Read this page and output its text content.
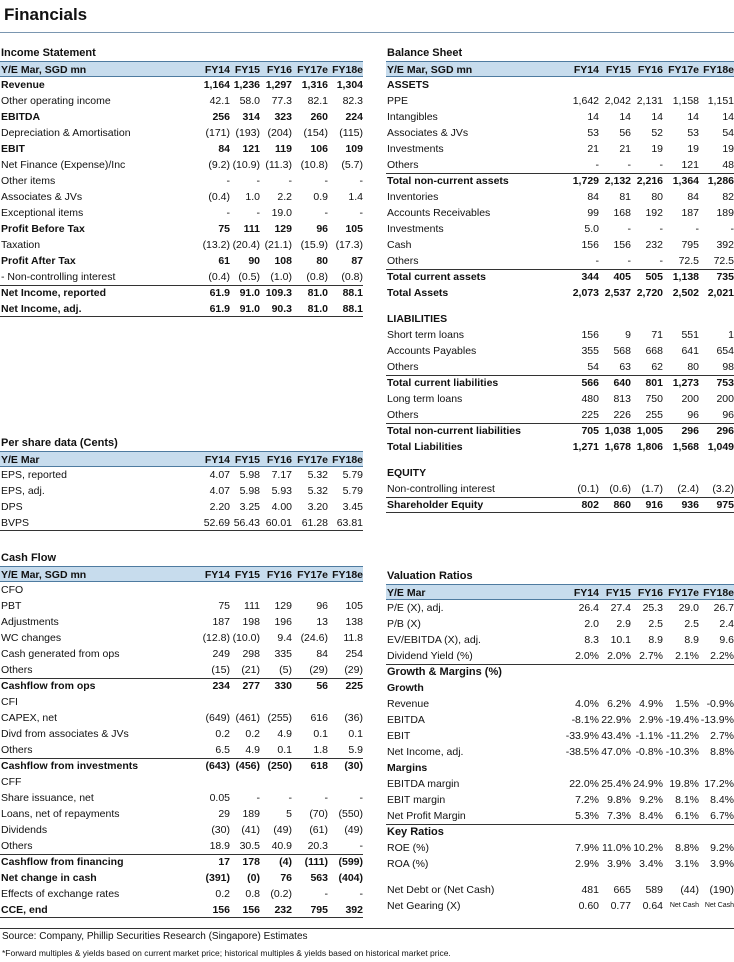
Financials
Income Statement
Y/E Mar, SGD mn	FY14 FY15 FY16 FY17e FY18e
Revenue	1,164 1,236 1,297 1,316 1,304
Other operating income	42.1 58.0	77.3	82.1	82.3
EBITDA	256	314	323	260	224
Depreciation & Amortisation	(171) (193) (204)	(154)	(115)
EBIT	84	121	119	106	109
Net Finance (Expense)/Inc	(9.2) (10.9) (11.3) (10.8)	(5.7)
Other items	-	-	-	-	-
Associates & JVs	(0.4)	1.0	2.2	0.9	1.4
Exceptional items	-	-	19.0	-	-
Profit Before Tax	75	111	129	96	105
Taxation	(13.2) (20.4) (21.1) (15.9) (17.3)
Profit After Tax	61	90	108	80	87
- Non-controlling interest	(0.4) (0.5) (1.0)	(0.8)	(0.8)
Net Income, reported	61.9 91.0 109.3	81.0	88.1
Net Income, adj.	61.9 91.0	90.3	81.0	88.1
Per share data (Cents)
Y/E Mar	FY14 FY15 FY16 FY17e FY18e
EPS, reported	4.07 5.98	7.17	5.32	5.79
EPS, adj.	4.07 5.98	5.93	5.32	5.79
DPS	2.20 3.25	4.00	3.20	3.45
BVPS	52.69 56.43 60.01 61.28 63.81
Cash Flow
Y/E Mar, SGD mn	FY14 FY15 FY16 FY17e FY18e
CFO
PBT	75	111	129	96	105
Adjustments	187	198	196	13	138
WC changes	(12.8) (10.0)	9.4 (24.6)	11.8
Cash generated from ops	249	298	335	84	254
Others	(15)	(21)	(5)	(29)	(29)
Cashflow from ops	234	277	330	56	225
CFI
CAPEX, net	(649) (461) (255)	616	(36)
Divd from associates & JVs	0.2	0.2	4.9	0.1	0.1
Others	6.5	4.9	0.1	1.8	5.9
Cashflow from investments	(643) (456) (250)	618	(30)
CFF
Share issuance, net	0.05	-	-	-	-
Loans, net of repayments	29	189	5	(70) (550)
Dividends	(30)	(41)	(49)	(61)	(49)
Others	18.9 30.5	40.9	20.3	-
Cashflow from financing	17	178	(4)	(111) (599)
Net change in cash	(391)	(0)	76	563 (404)
Effects of exchange rates	0.2	0.8 (0.2)	-	-
CCE, end	156	156	232	795	392
Balance Sheet
Y/E Mar, SGD mn	FY14 FY15 FY16 FY17e FY18e
ASSETS
PPE	1,642 2,042 2,131 1,158 1,151
Intangibles	14	14	14	14	14
Associates & JVs	53	56	52	53	54
Investments	21	21	19	19	19
Others	-	-	-	121	48
Total non-current assets	1,729 2,132 2,216 1,364 1,286
Inventories	84	81	80	84	82
Accounts Receivables	99	168	192	187	189
Investments	5.0	-	-	-	-
Cash	156	156	232	795	392
Others	-	-	-	72.5	72.5
Total current assets	344	405	505 1,138	735
Total Assets	2,073 2,537 2,720 2,502 2,021
LIABILITIES
Short term loans	156	9	71	551	1
Accounts Payables	355	568	668	641	654
Others	54	63	62	80	98
Total current liabilities	566	640	801 1,273	753
Long term loans	480	813	750	200	200
Others	225	226	255	96	96
Total non-current liabilities	705 1,038 1,005	296	296
Total Liabilities	1,271 1,678 1,806 1,568 1,049
EQUITY
Non-controlling interest	(0.1) (0.6) (1.7)	(2.4)	(3.2)
Shareholder Equity	802	860	916	936	975
Valuation Ratios
Y/E Mar	FY14 FY15 FY16 FY17e FY18e
P/E (X), adj.	26.4	27.4	25.3	29.0	26.7
P/B (X)	2.0	2.9	2.5	2.5	2.4
EV/EBITDA (X), adj.	8.3	10.1	8.9	8.9	9.6
Dividend Yield (%)	2.0% 2.0% 2.7%	2.1%	2.2%
Growth & Margins (%)
Growth
Revenue	4.0% 6.2% 4.9%	1.5% -0.9%
EBITDA	-8.1% 22.9% 2.9% -19.4% -13.9%
EBIT	-33.9% 43.4% -1.1% -11.2%	2.7%
Net Income, adj.	-38.5% 47.0% -0.8% -10.3%	8.8%
Margins
EBITDA margin	22.0% 25.4% 24.9% 19.8% 17.2%
EBIT margin	7.2% 9.8% 9.2%	8.1%	8.4%
Net Profit Margin	5.3% 7.3% 8.4%	6.1%	6.7%
Key Ratios
ROE (%)	7.9% 11.0% 10.2%	8.8%	9.2%
ROA (%)	2.9% 3.9% 3.4%	3.1%	3.9%
Net Debt or (Net Cash)	481	665	589	(44) (190)
Net Gearing (X)	0.60	0.77	0.64 Net Cash Net Cash
Source: Company, Phillip Securities Research (Singapore) Estimates
*Forward multiples & yields based on current market price; historical multiples & yields based on historical market price.
